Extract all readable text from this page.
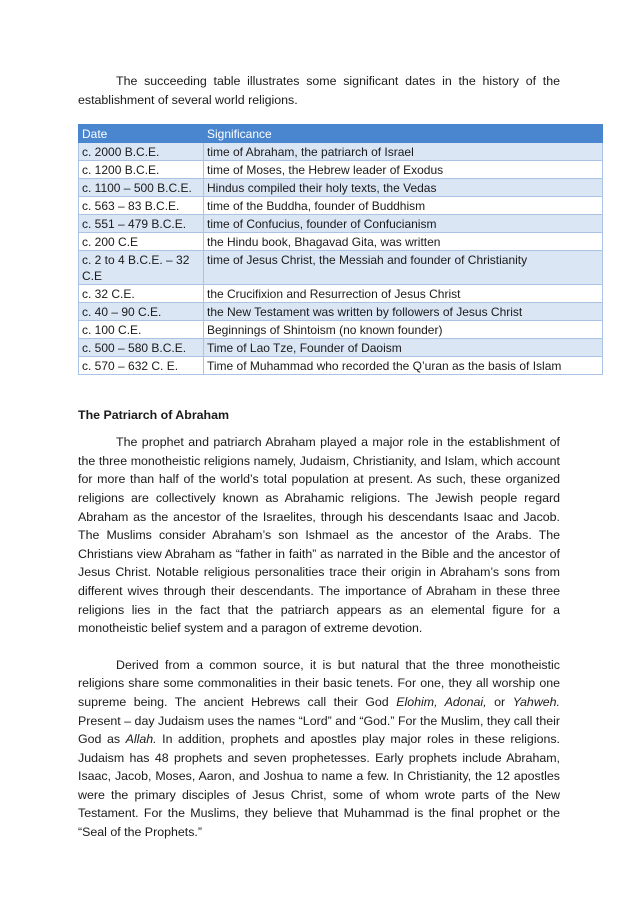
The succeeding table illustrates some significant dates in the history of the establishment of several world religions.

Date	Significance
c. 2000 B.C.E.	time of Abraham, the patriarch of Israel
c. 1200 B.C.E.	time of Moses, the Hebrew leader of Exodus
c. 1100 – 500 B.C.E.	Hindus compiled their holy texts, the Vedas
c. 563 – 83 B.C.E.	time of the Buddha, founder of Buddhism
c. 551 – 479 B.C.E.	time of Confucius, founder of Confucianism
c. 200 C.E	the Hindu book, Bhagavad Gita, was written
c. 2 to 4 B.C.E. – 32 C.E	time of Jesus Christ, the Messiah and founder of Christianity
c. 32 C.E.	the Crucifixion and Resurrection of Jesus Christ
c. 40 – 90 C.E.	the New Testament was written by followers of Jesus Christ
c. 100 C.E.	Beginnings of Shintoism (no known founder)
c. 500 – 580 B.C.E.	Time of Lao Tze, Founder of Daoism
c. 570 – 632 C. E.	Time of Muhammad who recorded the Q’uran as the basis of Islam
The Patriarch of Abraham

The prophet and patriarch Abraham played a major role in the establishment of the three monotheistic religions namely, Judaism, Christianity, and Islam, which account for more than half of the world’s total population at present. As such, these organized religions are collectively known as Abrahamic religions. The Jewish people regard Abraham as the ancestor of the Israelites, through his descendants Isaac and Jacob. The Muslims consider Abraham’s son Ishmael as the ancestor of the Arabs. The Christians view Abraham as “father in faith” as narrated in the Bible and the ancestor of Jesus Christ. Notable religious personalities trace their origin in Abraham’s sons from different wives through their descendants. The importance of Abraham in these three religions lies in the fact that the patriarch appears as an elemental figure for a monotheistic belief system and a paragon of extreme devotion.

Derived from a common source, it is but natural that the three monotheistic religions share some commonalities in their basic tenets. For one, they all worship one supreme being. The ancient Hebrews call their God Elohim, Adonai, or Yahweh. Present – day Judaism uses the names “Lord” and “God.” For the Muslim, they call their God as Allah. In addition, prophets and apostles play major roles in these religions. Judaism has 48 prophets and seven prophetesses. Early prophets include Abraham, Isaac, Jacob, Moses, Aaron, and Joshua to name a few. In Christianity, the 12 apostles were the primary disciples of Jesus Christ, some of whom wrote parts of the New Testament. For the Muslims, they believe that Muhammad is the final prophet or the “Seal of the Prophets.”
